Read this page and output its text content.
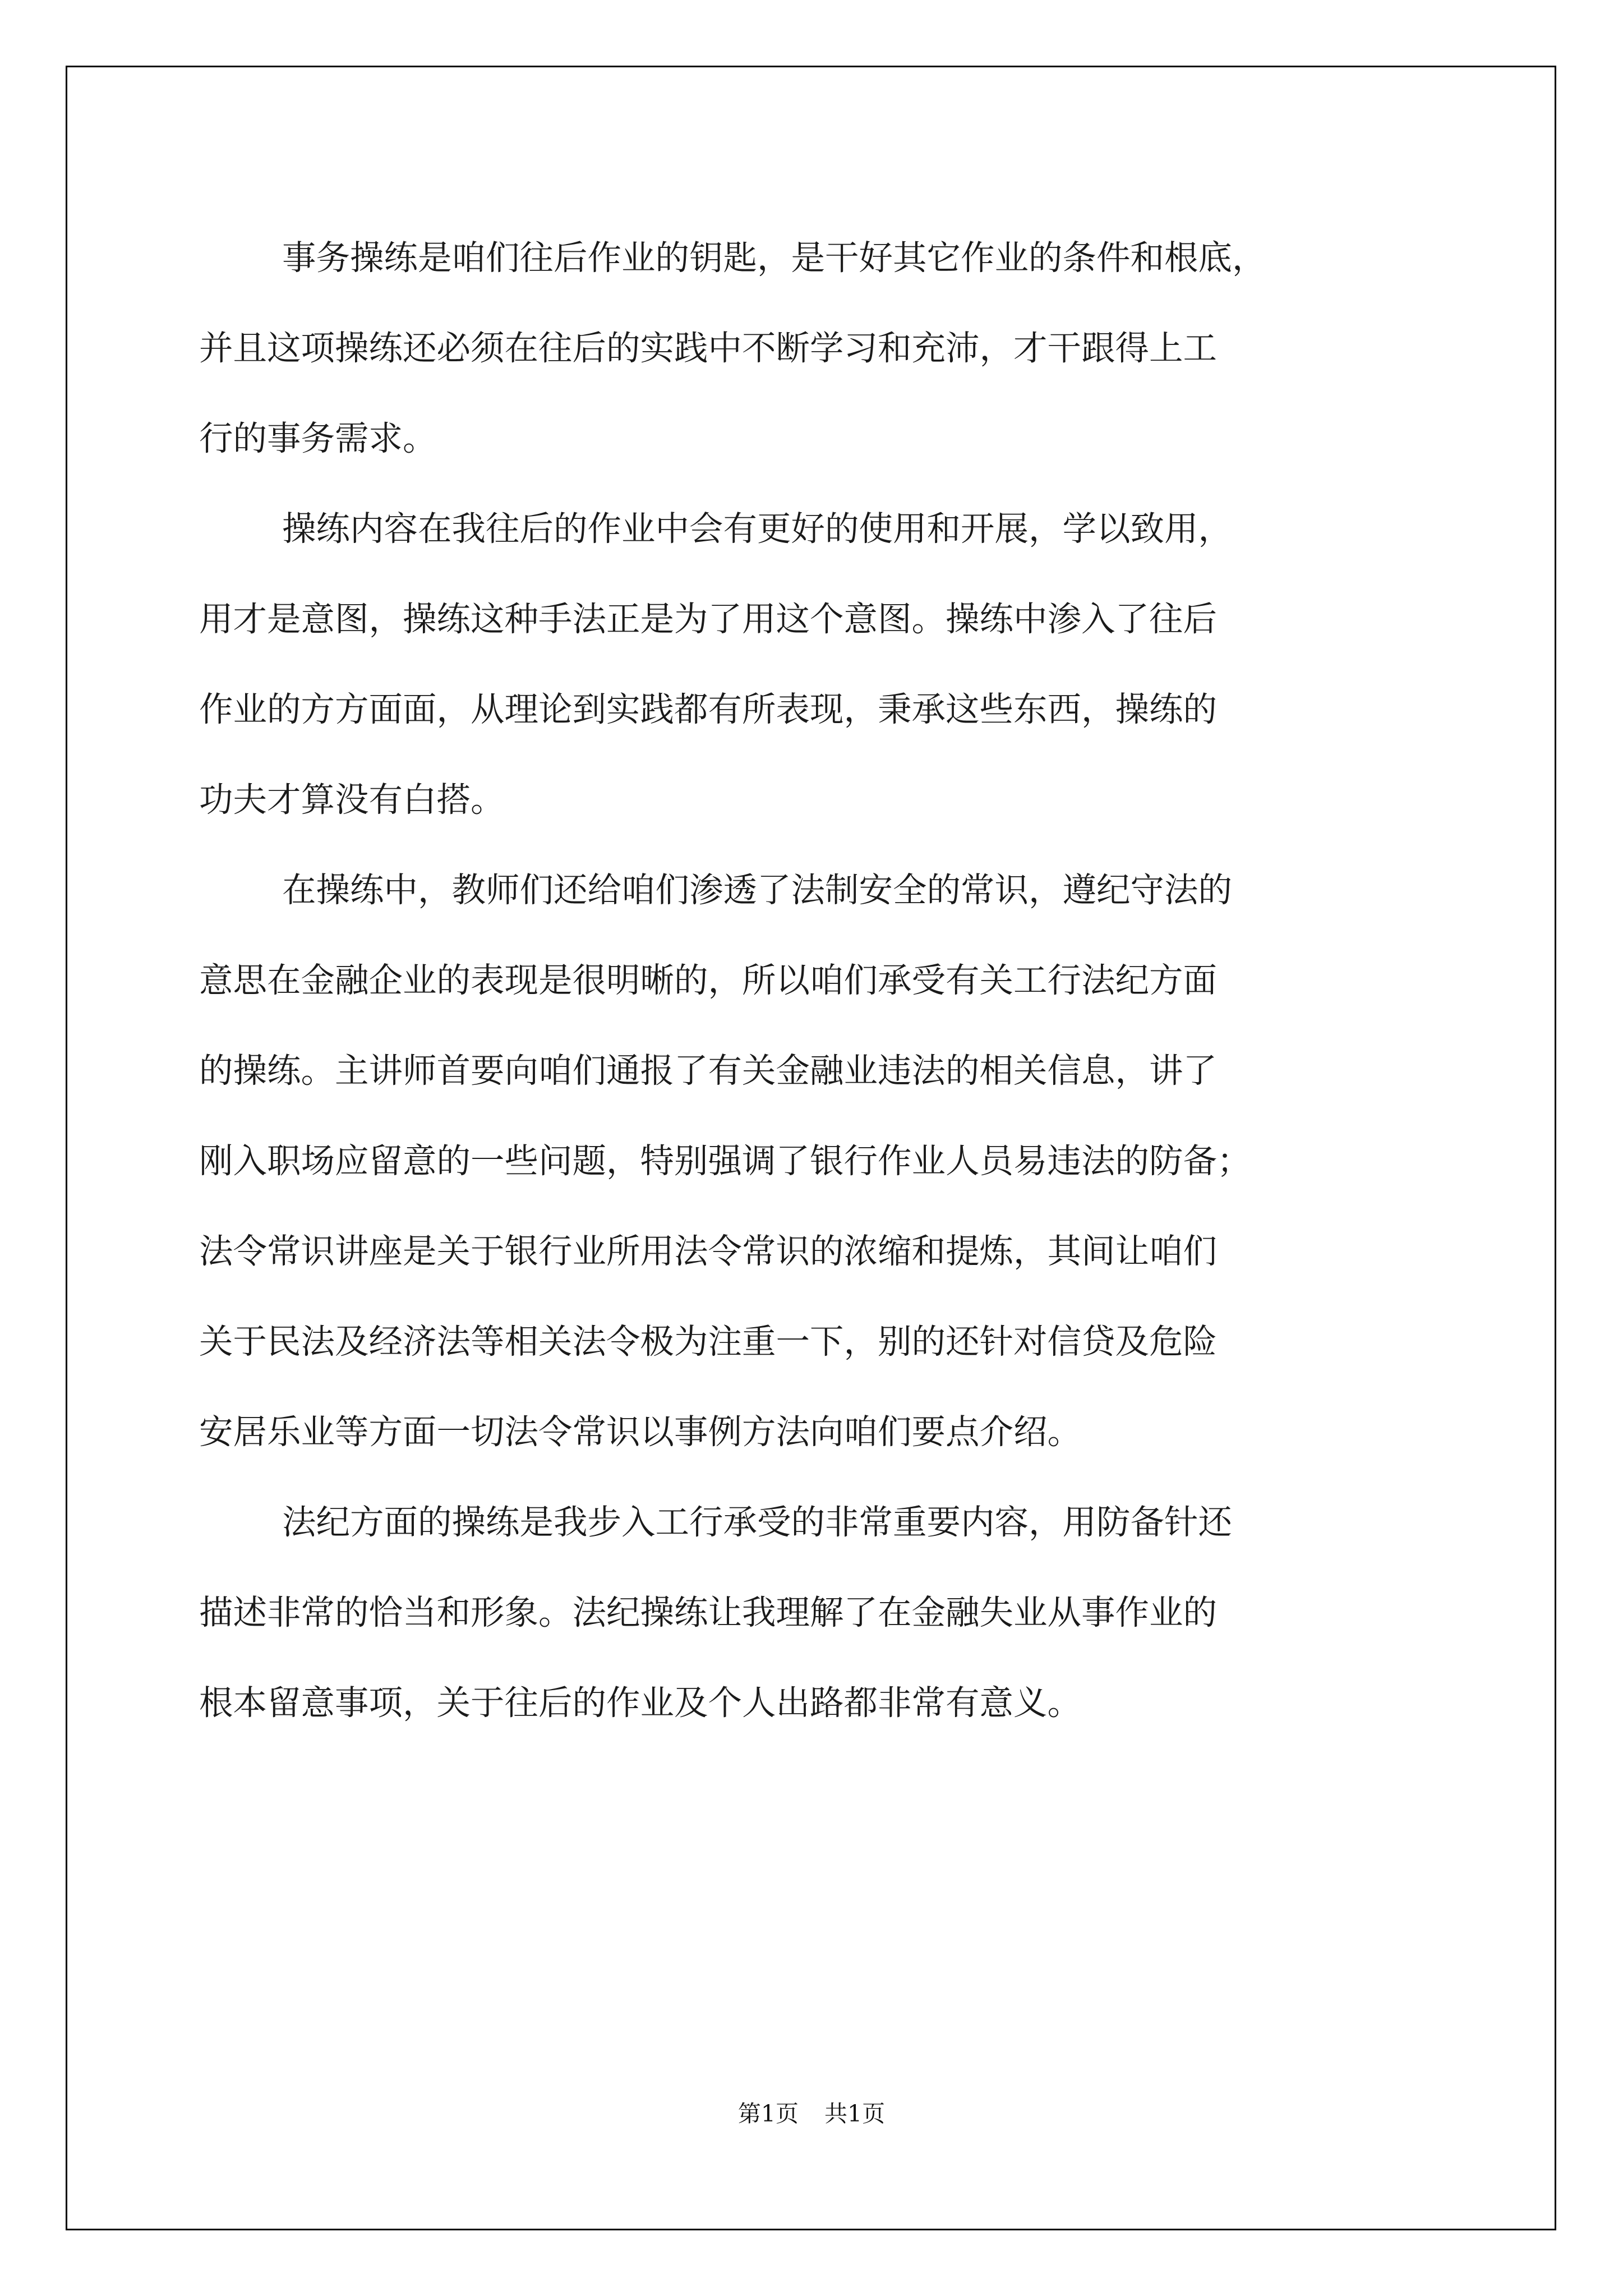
事务操练是咱们往后作业的钥匙，是干好其它作业的条件和根底，
并且这项操练还必须在往后的实践中不断学习和充沛，才干跟得上工
行的事务需求。
操练内容在我往后的作业中会有更好的使用和开展，学以致用，
用才是意图，操练这种手法正是为了用这个意图。操练中渗入了往后
作业的方方面面，从理论到实践都有所表现，秉承这些东西，操练的
功夫才算没有白搭。
在操练中，教师们还给咱们渗透了法制安全的常识，遵纪守法的
意思在金融企业的表现是很明晰的，所以咱们承受有关工行法纪方面
的操练。主讲师首要向咱们通报了有关金融业违法的相关信息，讲了
刚入职场应留意的一些问题，特别强调了银行作业人员易违法的防备；
法令常识讲座是关于银行业所用法令常识的浓缩和提炼，其间让咱们
关于民法及经济法等相关法令极为注重一下，别的还针对信贷及危险
安居乐业等方面一切法令常识以事例方法向咱们要点介绍。
法纪方面的操练是我步入工行承受的非常重要内容，用防备针还
描述非常的恰当和形象。法纪操练让我理解了在金融失业从事作业的
根本留意事项，关于往后的作业及个人出路都非常有意义。
第1页 共1页
